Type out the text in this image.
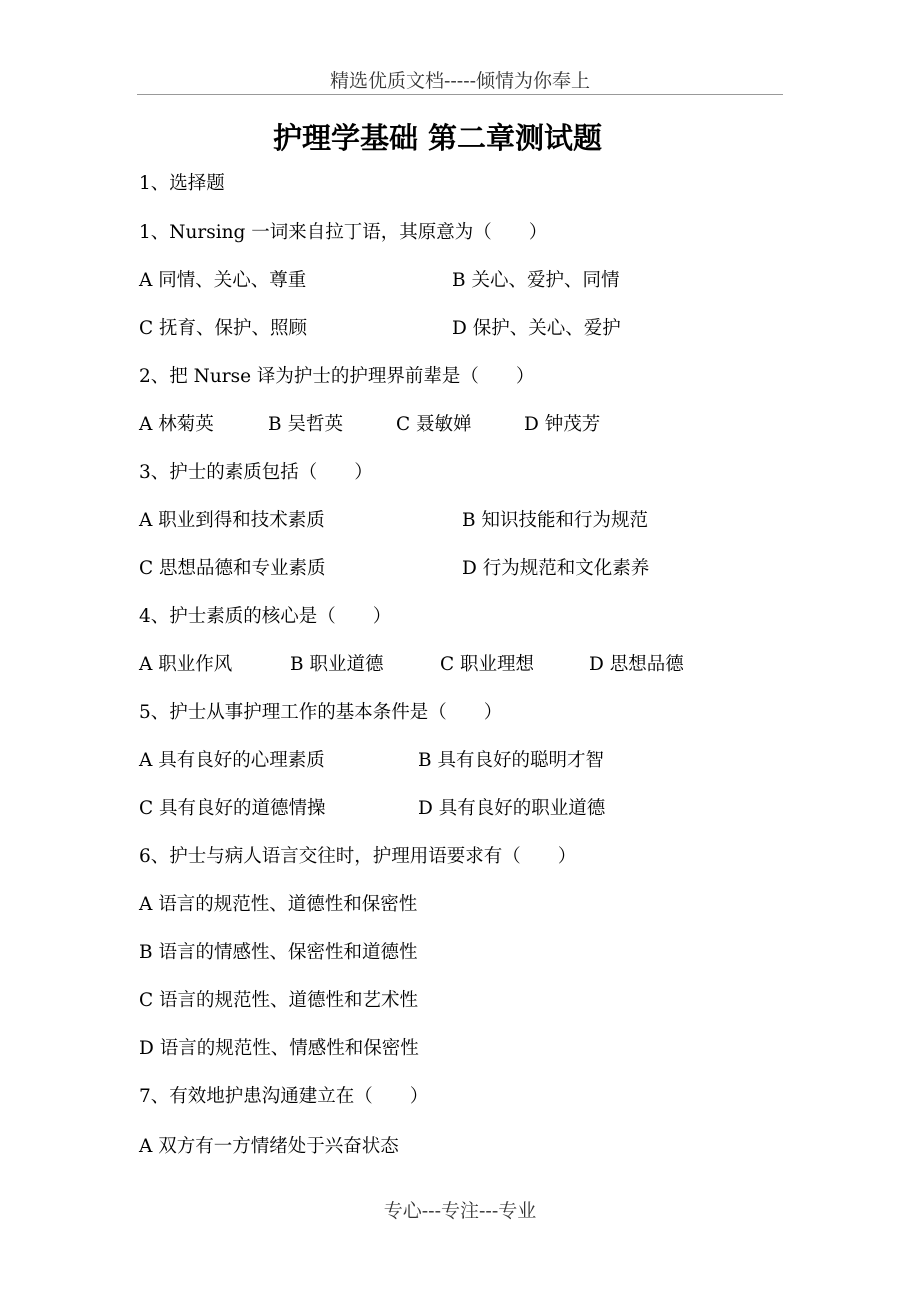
精选优质文档-----倾情为你奉上
护理学基础 第二章测试题
1、选择题
1、Nursing 一词来自拉丁语，其原意为（　　）
A 同情、关心、尊重	B 关心、爱护、同情
C 抚育、保护、照顾	D 保护、关心、爱护
2、把 Nurse 译为护士的护理界前辈是（　　）
A 林菊英	B 吴哲英	C 聂敏婵	D 钟茂芳
3、护士的素质包括（　　）
A 职业到得和技术素质	B 知识技能和行为规范
C 思想品德和专业素质	D 行为规范和文化素养
4、护士素质的核心是（　　）
A 职业作风	B 职业道德	C 职业理想	D 思想品德
5、护士从事护理工作的基本条件是（　　）
A 具有良好的心理素质	B 具有良好的聪明才智
C 具有良好的道德情操	D 具有良好的职业道德
6、护士与病人语言交往时，护理用语要求有（　　）
A 语言的规范性、道德性和保密性
B 语言的情感性、保密性和道德性
C 语言的规范性、道德性和艺术性
D 语言的规范性、情感性和保密性
7、有效地护患沟通建立在（　　）
A 双方有一方情绪处于兴奋状态
专心---专注---专业
